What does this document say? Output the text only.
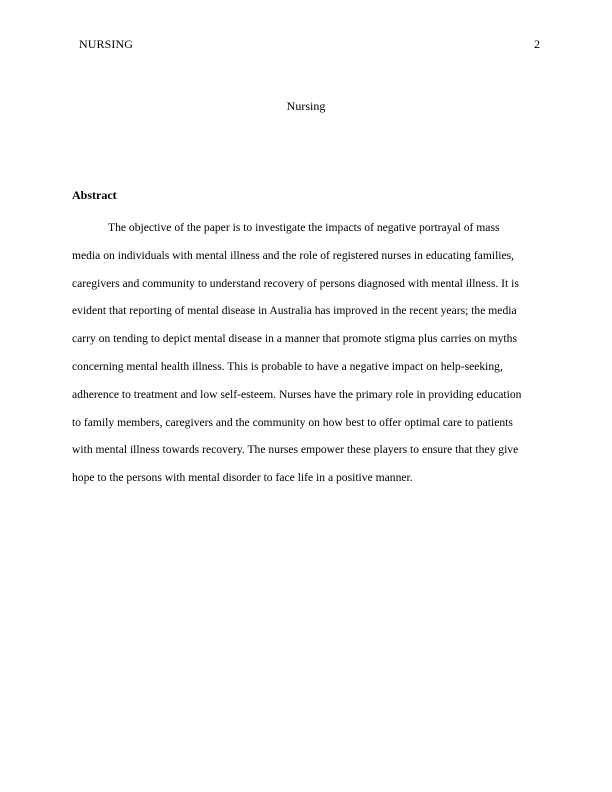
NURSING	2
Nursing
Abstract
The objective of the paper is to investigate the impacts of negative portrayal of mass
media on individuals with mental illness and the role of registered nurses in educating families,
caregivers and community to understand recovery of persons diagnosed with mental illness. It is
evident that reporting of mental disease in Australia has improved in the recent years; the media
carry on tending to depict mental disease in a manner that promote stigma plus carries on myths
concerning mental health illness. This is probable to have a negative impact on help-seeking,
adherence to treatment and low self-esteem. Nurses have the primary role in providing education
to family members, caregivers and the community on how best to offer optimal care to patients
with mental illness towards recovery. The nurses empower these players to ensure that they give
hope to the persons with mental disorder to face life in a positive manner.
